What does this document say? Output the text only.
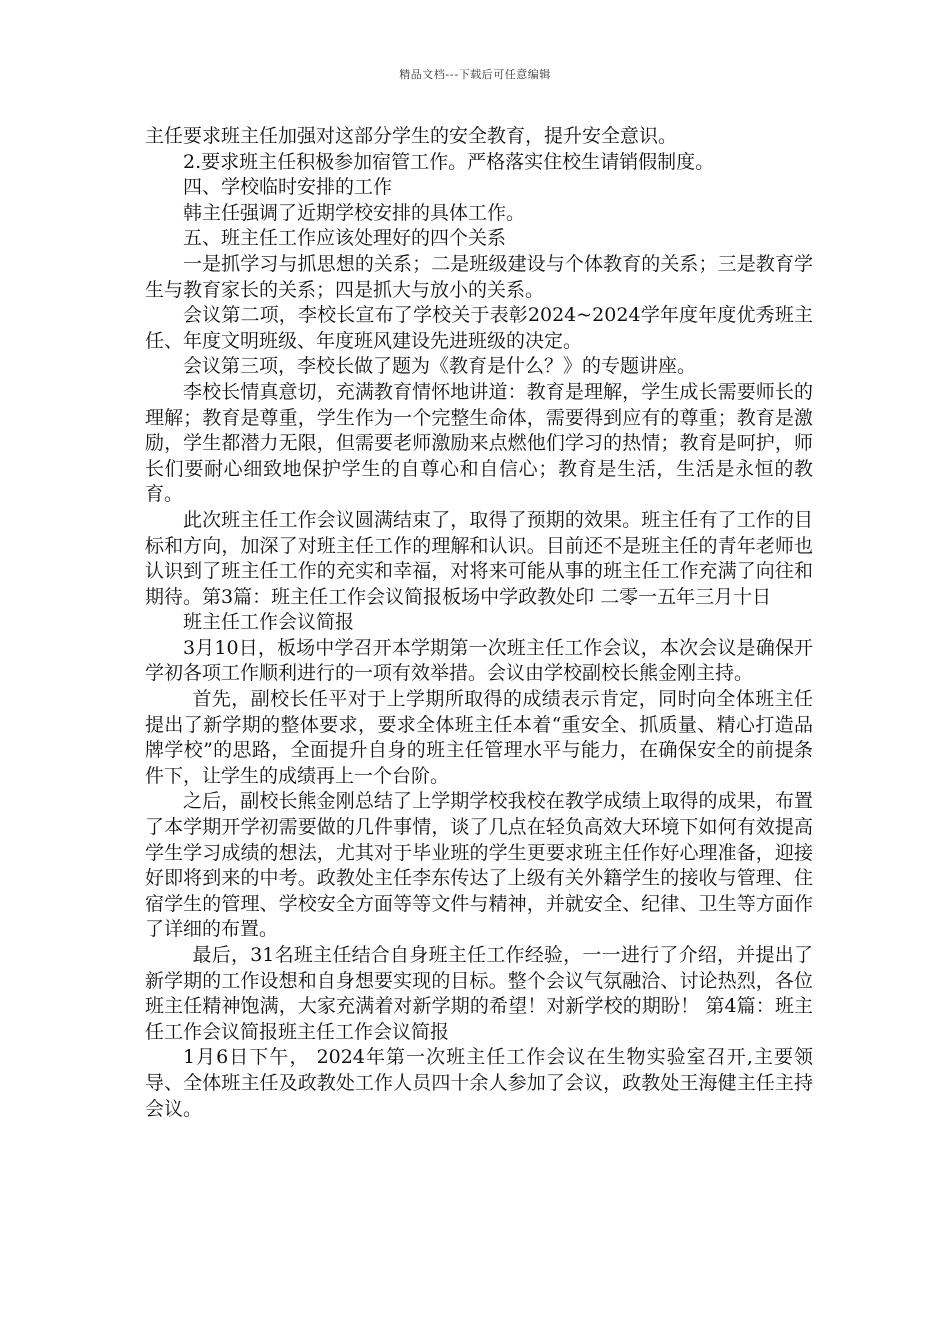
精品文档---下载后可任意编辑

主任要求班主任加强对这部分学生的安全教育，提升安全意识。

2.要求班主任积极参加宿管工作。严格落实住校生请销假制度。

四、学校临时安排的工作

韩主任强调了近期学校安排的具体工作。

五、班主任工作应该处理好的四个关系

一是抓学习与抓思想的关系；二是班级建设与个体教育的关系；三是教育学生与教育家长的关系；四是抓大与放小的关系。

会议第二项，李校长宣布了学校关于表彰2024~2024学年度年度优秀班主任、年度文明班级、年度班风建设先进班级的决定。

会议第三项，李校长做了题为《教育是什么？》的专题讲座。

李校长情真意切，充满教育情怀地讲道：教育是理解，学生成长需要师长的理解；教育是尊重，学生作为一个完整生命体，需要得到应有的尊重；教育是激励，学生都潜力无限，但需要老师激励来点燃他们学习的热情；教育是呵护，师长们要耐心细致地保护学生的自尊心和自信心；教育是生活，生活是永恒的教育。

此次班主任工作会议圆满结束了，取得了预期的效果。班主任有了工作的目标和方向，加深了对班主任工作的理解和认识。目前还不是班主任的青年老师也认识到了班主任工作的充实和幸福，对将来可能从事的班主任工作充满了向往和期待。第3篇：班主任工作会议简报板场中学政教处印 二零一五年三月十日

班主任工作会议简报

3月10日，板场中学召开本学期第一次班主任工作会议，本次会议是确保开学初各项工作顺利进行的一项有效举措。会议由学校副校长熊金刚主持。

首先，副校长任平对于上学期所取得的成绩表示肯定，同时向全体班主任提出了新学期的整体要求，要求全体班主任本着“重安全、抓质量、精心打造品牌学校”的思路，全面提升自身的班主任管理水平与能力，在确保安全的前提条件下，让学生的成绩再上一个台阶。

之后，副校长熊金刚总结了上学期学校我校在教学成绩上取得的成果，布置了本学期开学初需要做的几件事情，谈了几点在轻负高效大环境下如何有效提高学生学习成绩的想法，尤其对于毕业班的学生更要求班主任作好心理准备，迎接好即将到来的中考。政教处主任李东传达了上级有关外籍学生的接收与管理、住宿学生的管理、学校安全方面等等文件与精神，并就安全、纪律、卫生等方面作了详细的布置。

最后，31名班主任结合自身班主任工作经验，一一进行了介绍，并提出了新学期的工作设想和自身想要实现的目标。整个会议气氛融洽、讨论热烈，各位班主任精神饱满，大家充满着对新学期的希望！对新学校的期盼！ 第4篇：班主任工作会议简报班主任工作会议简报

1月6日下午， 2024年第一次班主任工作会议在生物实验室召开,主要领导、全体班主任及政教处工作人员四十余人参加了会议，政教处王海健主任主持会议。
